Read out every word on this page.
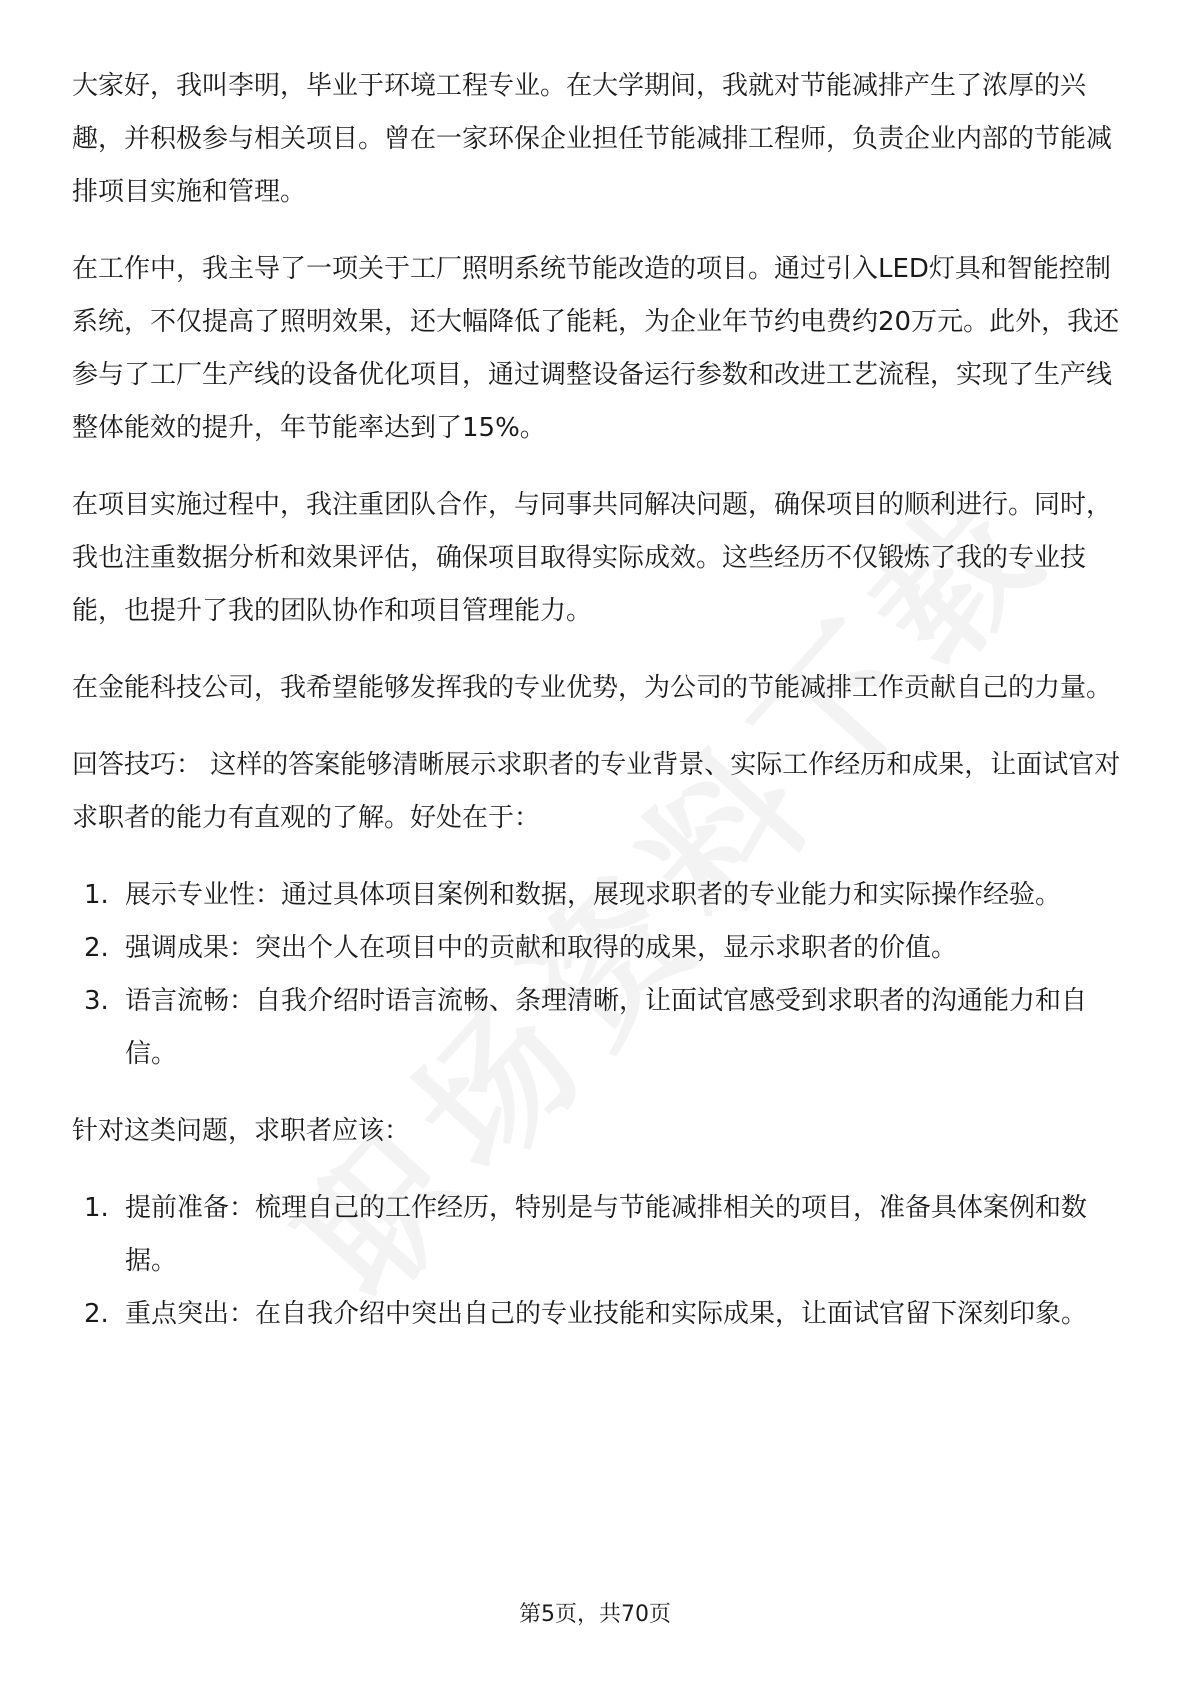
大家好，我叫李明，毕业于环境工程专业。在大学期间，我就对节能减排产生了浓厚的兴趣，并积极参与相关项目。曾在一家环保企业担任节能减排工程师，负责企业内部的节能减排项目实施和管理。

在工作中，我主导了一项关于工厂照明系统节能改造的项目。通过引入LED灯具和智能控制系统，不仅提高了照明效果，还大幅降低了能耗，为企业年节约电费约20万元。此外，我还参与了工厂生产线的设备优化项目，通过调整设备运行参数和改进工艺流程，实现了生产线整体能效的提升，年节能率达到了15%。

在项目实施过程中，我注重团队合作，与同事共同解决问题，确保项目的顺利进行。同时，我也注重数据分析和效果评估，确保项目取得实际成效。这些经历不仅锻炼了我的专业技能，也提升了我的团队协作和项目管理能力。

在金能科技公司，我希望能够发挥我的专业优势，为公司的节能减排工作贡献自己的力量。

回答技巧： 这样的答案能够清晰展示求职者的专业背景、实际工作经历和成果，让面试官对求职者的能力有直观的了解。好处在于：

1. 展示专业性：通过具体项目案例和数据，展现求职者的专业能力和实际操作经验。
2. 强调成果：突出个人在项目中的贡献和取得的成果，显示求职者的价值。
3. 语言流畅：自我介绍时语言流畅、条理清晰，让面试官感受到求职者的沟通能力和自信。

针对这类问题，求职者应该：

1. 提前准备：梳理自己的工作经历，特别是与节能减排相关的项目，准备具体案例和数据。
2. 重点突出：在自我介绍中突出自己的专业技能和实际成果，让面试官留下深刻印象。
第5页，共70页
